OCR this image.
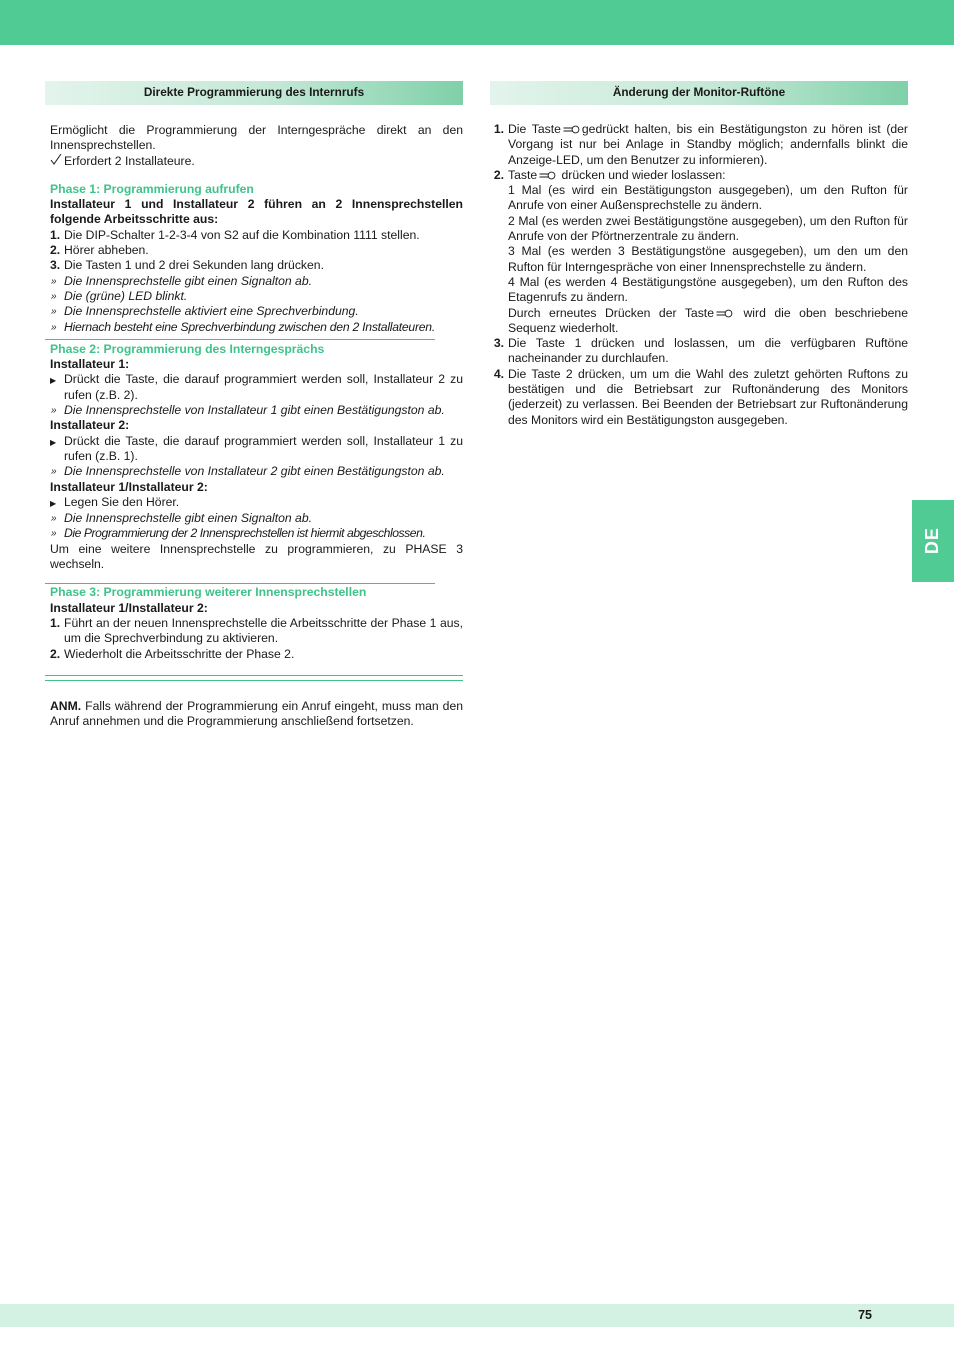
Direkte Programmierung des Internrufs
Ermöglicht die Programmierung der Interngespräche direkt an den Innensprechstellen.
Erfordert 2 Installateure.
Phase 1: Programmierung aufrufen
Installateur 1 und Installateur 2 führen an 2 Innensprechstellen folgende Arbeitsschritte aus:
1. Die DIP-Schalter 1-2-3-4 von S2 auf die Kombination 1111 stellen.
2. Hörer abheben.
3. Die Tasten 1 und 2 drei Sekunden lang drücken.
» Die Innensprechstelle gibt einen Signalton ab.
» Die (grüne) LED blinkt.
» Die Innensprechstelle aktiviert eine Sprechverbindung.
» Hiernach besteht eine Sprechverbindung zwischen den 2 Installateuren.
Phase 2: Programmierung des Interngesprächs
Installateur 1:
▶ Drückt die Taste, die darauf programmiert werden soll, Installateur 2 zu rufen (z.B. 2).
» Die Innensprechstelle von Installateur 1 gibt einen Bestätigungston ab.
Installateur 2:
▶ Drückt die Taste, die darauf programmiert werden soll, Installateur 1 zu rufen (z.B. 1).
» Die Innensprechstelle von Installateur 2 gibt einen Bestätigungston ab.
Installateur 1/Installateur 2:
▶ Legen Sie den Hörer.
» Die Innensprechstelle gibt einen Signalton ab.
» Die Programmierung der 2 Innensprechstellen ist hiermit abgeschlossen.
Um eine weitere Innensprechstelle zu programmieren, zu PHASE 3 wechseln.
Phase 3: Programmierung weiterer Innensprechstellen
Installateur 1/Installateur 2:
1. Führt an der neuen Innensprechstelle die Arbeitsschritte der Phase 1 aus, um die Sprechverbindung zu aktivieren.
2. Wiederholt die Arbeitsschritte der Phase 2.
ANM. Falls während der Programmierung ein Anruf eingeht, muss man den Anruf annehmen und die Programmierung anschließend fortsetzen.
Änderung der Monitor-Ruftöne
1. Die Taste gedrückt halten, bis ein Bestätigungston zu hören ist (der Vorgang ist nur bei Anlage in Standby möglich; andernfalls blinkt die Anzeige-LED, um den Benutzer zu informieren).
2. Taste drücken und wieder loslassen:
1 Mal (es wird ein Bestätigungston ausgegeben), um den Rufton für Anrufe von einer Außensprechstelle zu ändern.
2 Mal (es werden zwei Bestätigungstöne ausgegeben), um den Rufton für Anrufe von der Pförtnerzentrale zu ändern.
3 Mal (es werden 3 Bestätigungstöne ausgegeben), um den um den Rufton für Interngespräche von einer Innensprechstelle zu ändern.
4 Mal (es werden 4 Bestätigungstöne ausgegeben), um den Rufton des Etagenrufs zu ändern.
Durch erneutes Drücken der Taste wird die oben beschriebene Sequenz wiederholt.
3. Die Taste 1 drücken und loslassen, um die verfügbaren Ruftöne nacheinander zu durchlaufen.
4. Die Taste 2 drücken, um um die Wahl des zuletzt gehörten Ruftons zu bestätigen und die Betriebsart zur Ruftonänderung des Monitors (jederzeit) zu verlassen. Bei Beenden der Betriebsart zur Ruftonänderung des Monitors wird ein Bestätigungston ausgegeben.
DE
75
